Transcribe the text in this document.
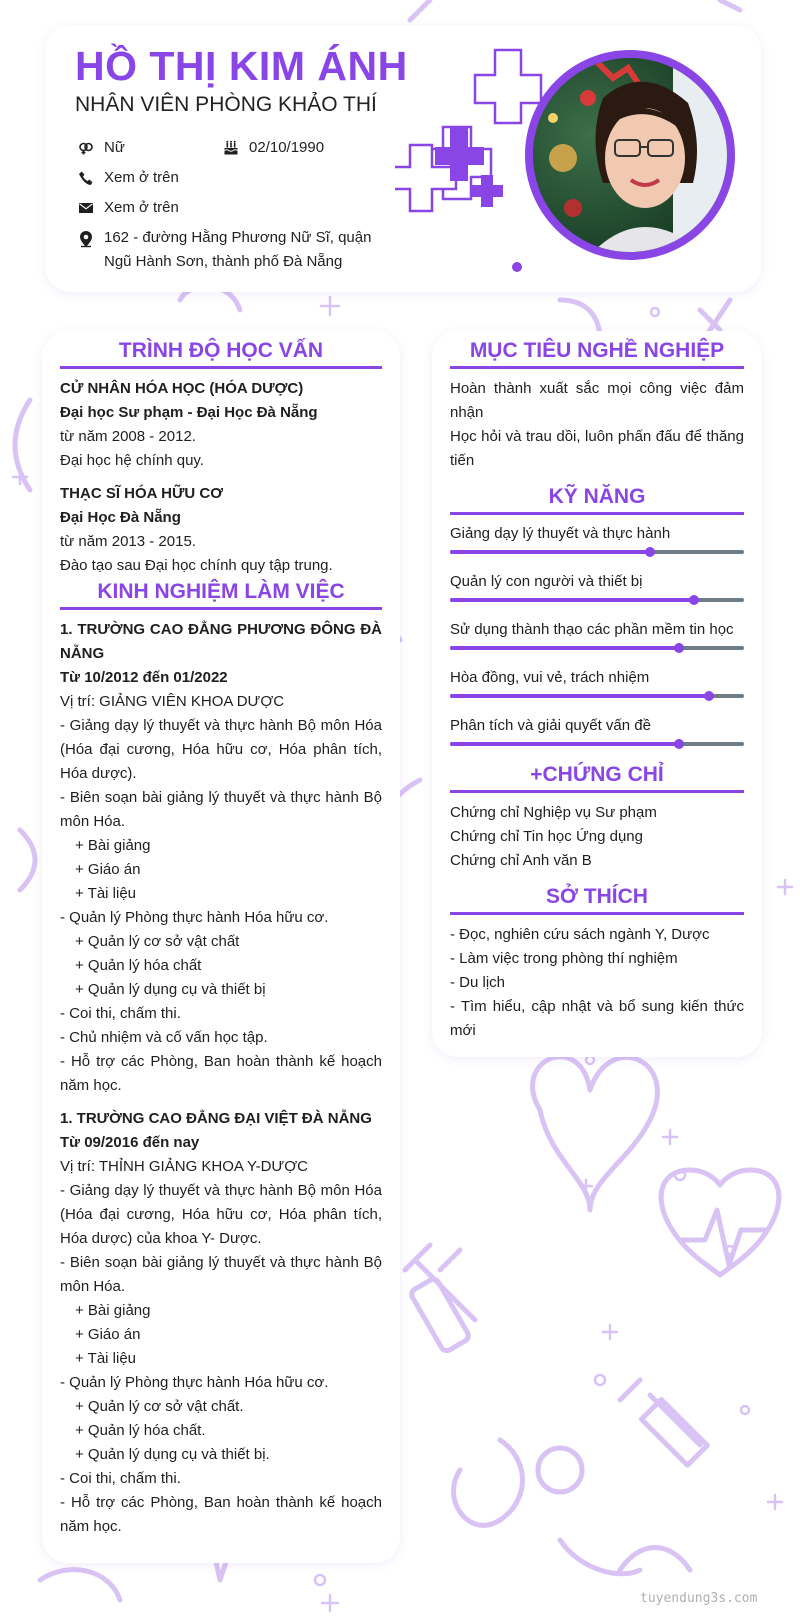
HỒ THỊ KIM ÁNH
NHÂN VIÊN PHÒNG KHẢO THÍ
Nữ	02/10/1990
Xem ở trên
Xem ở trên
162 - đường Hằng Phương Nữ Sĩ, quận Ngũ Hành Sơn, thành phố Đà Nẵng
TRÌNH ĐỘ HỌC VẤN
CỬ NHÂN HÓA HỌC (HÓA DƯỢC)
Đại học Sư phạm - Đại Học Đà Nẵng
từ năm 2008 - 2012.
Đại học hệ chính quy.
THẠC SĨ HÓA HỮU CƠ
Đại Học Đà Nẵng
từ năm 2013 - 2015.
Đào tạo sau Đại học chính quy tập trung.
KINH NGHIỆM LÀM VIỆC
1. TRƯỜNG CAO ĐẲNG PHƯƠNG ĐÔNG ĐÀ NẴNG
Từ 10/2012 đến 01/2022
Vị trí: GIẢNG VIÊN KHOA DƯỢC
- Giảng dạy lý thuyết và thực hành Bộ môn Hóa (Hóa đại cương, Hóa hữu cơ, Hóa phân tích, Hóa dược).
- Biên soạn bài giảng lý thuyết và thực hành Bộ môn Hóa.
+ Bài giảng
+ Giáo án
+ Tài liệu
- Quản lý Phòng thực hành Hóa hữu cơ.
+ Quản lý cơ sở vật chất
+ Quản lý hóa chất
+ Quản lý dụng cụ và thiết bị
- Coi thi, chấm thi.
- Chủ nhiệm và cố vấn học tập.
- Hỗ trợ các Phòng, Ban hoàn thành kế hoạch năm học.
1. TRƯỜNG CAO ĐẲNG ĐẠI VIỆT ĐÀ NẴNG
Từ 09/2016 đến nay
Vị trí: THỈNH GIẢNG KHOA Y-DƯỢC
- Giảng dạy lý thuyết và thực hành Bộ môn Hóa (Hóa đại cương, Hóa hữu cơ, Hóa phân tích, Hóa dược) của khoa Y- Dược.
- Biên soạn bài giảng lý thuyết và thực hành Bộ môn Hóa.
+ Bài giảng
+ Giáo án
+ Tài liệu
- Quản lý Phòng thực hành Hóa hữu cơ.
+ Quản lý cơ sở vật chất.
+ Quản lý hóa chất.
+ Quản lý dụng cụ và thiết bị.
- Coi thi, chấm thi.
- Hỗ trợ các Phòng, Ban hoàn thành kế hoạch năm học.
MỤC TIÊU NGHỀ NGHIỆP
Hoàn thành xuất sắc mọi công việc đảm nhận
Học hỏi và trau dồi, luôn phấn đấu để thăng tiến
KỸ NĂNG
Giảng dạy lý thuyết và thực hành
Quản lý con người và thiết bị
Sử dụng thành thạo các phần mềm tin học
Hòa đồng, vui vẻ, trách nhiệm
Phân tích và giải quyết vấn đề
+CHỨNG CHỈ
Chứng chỉ Nghiệp vụ Sư phạm
Chứng chỉ Tin học Ứng dụng
Chứng chỉ Anh văn B
SỞ THÍCH
- Đọc, nghiên cứu sách ngành Y, Dược
- Làm việc trong phòng thí nghiệm
- Du lịch
- Tìm hiểu, cập nhật và bổ sung kiến thức mới
tuyendung3s.com
